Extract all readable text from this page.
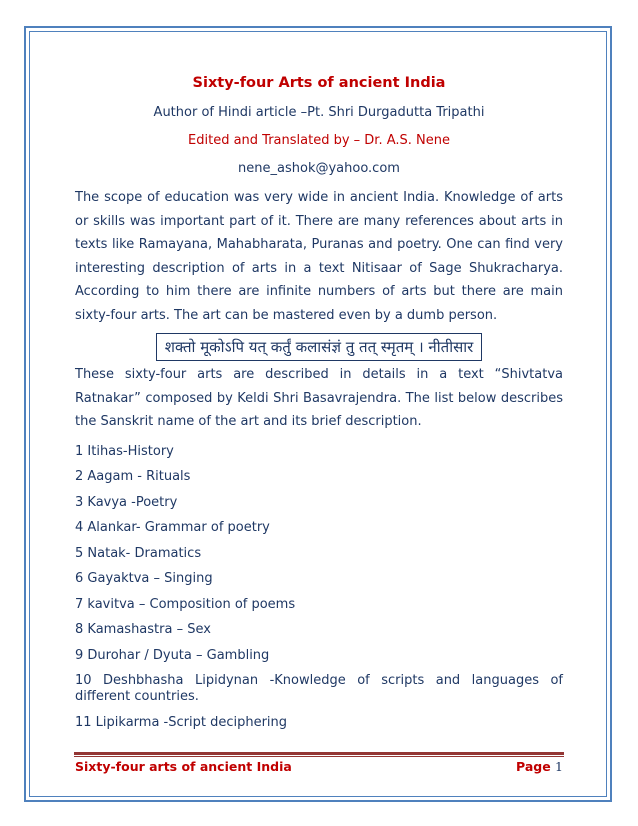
Sixty-four Arts of ancient India

Author of Hindi article –Pt. Shri Durgadutta Tripathi

Edited and Translated by – Dr. A.S. Nene

nene_ashok@yahoo.com

The scope of education was very wide in ancient India. Knowledge of arts or skills was important part of it. There are many references about arts in texts like Ramayana, Mahabharata, Puranas and poetry. One can find very interesting description of arts in a text Nitisaar of Sage Shukracharya. According to him there are infinite numbers of arts but there are main sixty-four arts. The art can be mastered even by a dumb person.

शक्तो मूकोऽपि यत् कर्तुं कलासंज्ञं तु तत् स्मृतम् । नीतीसार

These sixty-four arts are described in details in a text “Shivtatva Ratnakar” composed by Keldi Shri Basavrajendra. The list below describes the Sanskrit name of the art and its brief description.

1 Itihas-History
2 Aagam - Rituals
3 Kavya -Poetry
4 Alankar- Grammar of poetry
5 Natak- Dramatics
6 Gayaktva – Singing
7 kavitva – Composition of poems
8 Kamashastra – Sex
9 Durohar / Dyuta – Gambling
10 Deshbhasha Lipidynan -Knowledge of scripts and languages of different countries.
11 Lipikarma -Script deciphering
Sixty-four arts of ancient India	Page 1
